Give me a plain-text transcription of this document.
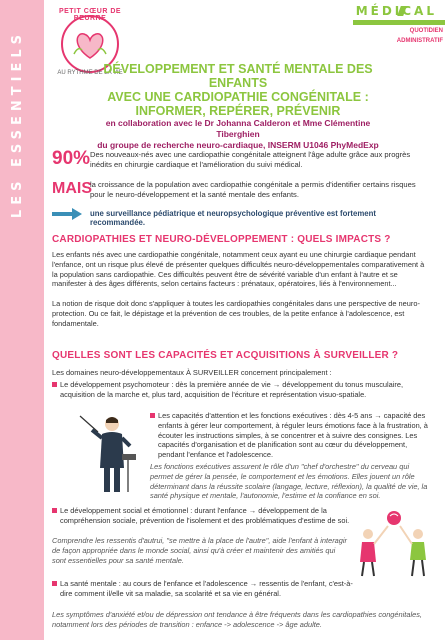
LES ESSENTIELS
PETIT CŒUR DE BEURRE
AU RYTHME DE LA VIE
MÉDICAL
QUOTIDIEN
ADMINISTRATIF
DÉVELOPPEMENT ET SANTÉ MENTALE DES ENFANTS
AVEC UNE CARDIOPATHIE CONGÉNITALE :
INFORMER, REPÉRER, PRÉVENIR
en collaboration avec le Dr Johanna Calderon et Mme Clémentine Tiberghien
du groupe de recherche neuro-cardiaque, INSERM U1046 PhyMedExp
90% Des nouveaux-nés avec une cardiopathie congénitale atteignent l'âge adulte grâce aux progrès inédits en chirurgie cardiaque et l'amélioration du suivi médical.
MAIS
la croissance de la population avec cardiopathie congénitale a permis d'identifier certains risques pour le neuro-développement et la santé mentale des enfants.
une surveillance pédiatrique et neuropsychologique préventive est fortement recommandée.
CARDIOPATHIES ET NEURO-DÉVELOPPEMENT : QUELS IMPACTS ?
Les enfants nés avec une cardiopathie congénitale, notamment ceux ayant eu une chirurgie cardiaque pendant l'enfance, ont un risque plus élevé de présenter quelques difficultés neuro-développementales comparativement à la population sans cardiopathie. Ces difficultés peuvent être de sévérité variable d'un enfant à l'autre et se manifester à des âges différents, selon certains facteurs : prénataux, opératoires, liés à l'environnement...
La notion de risque doit donc s'appliquer à toutes les cardiopathies congénitales dans une perspective de neuro-protection. Ou ce fait, le dépistage et la prévention de ces troubles, de la petite enfance à l'adolescence, est fondamentale.
QUELLES SONT LES CAPACITÉS ET ACQUISITIONS À SURVEILLER ?
Les domaines neuro-développementaux À SURVEILLER concernent principalement :
Le développement psychomoteur : dès la première année de vie → développement du tonus musculaire, acquisition de la marche et, plus tard, acquisition de l'écriture et représentation visuo-spatiale.
Les capacités d'attention et les fonctions exécutives : dès 4-5 ans → capacité des enfants à gérer leur comportement, à réguler leurs émotions face à la frustration, à écouter les instructions simples, à se concentrer et à suivre des consignes. Les capacités d'organisation et de planification sont au cœur du développement, pendant l'enfance et l'adolescence.
Les fonctions exécutives assurent le rôle d'un "chef d'orchestre" du cerveau qui permet de gérer la pensée, le comportement et les émotions. Elles jouent un rôle déterminant dans la réussite scolaire (langage, lecture, réflexion), la qualité de vie, la santé physique et mentale, l'autonomie, l'estime et la confiance en soi.
Le développement social et émotionnel : durant l'enfance → développement de la compréhension sociale, prévention de l'isolement et des problématiques d'estime de soi.
Comprendre les ressentis d'autrui, "se mettre à la place de l'autre", aide l'enfant à interagir de façon appropriée dans le monde social, ainsi qu'à créer et maintenir des amitiés qui sont essentielles pour sa santé mentale.
La santé mentale : au cours de l'enfance et l'adolescence → ressentis de l'enfant, c'est-à-dire comment il/elle vit sa maladie, sa scolarité et sa vie en général.
Les symptômes d'anxiété et/ou de dépression ont tendance à être fréquents dans les cardiopathies congénitales, notamment lors des périodes de transition : enfance -> adolescence -> âge adulte.
